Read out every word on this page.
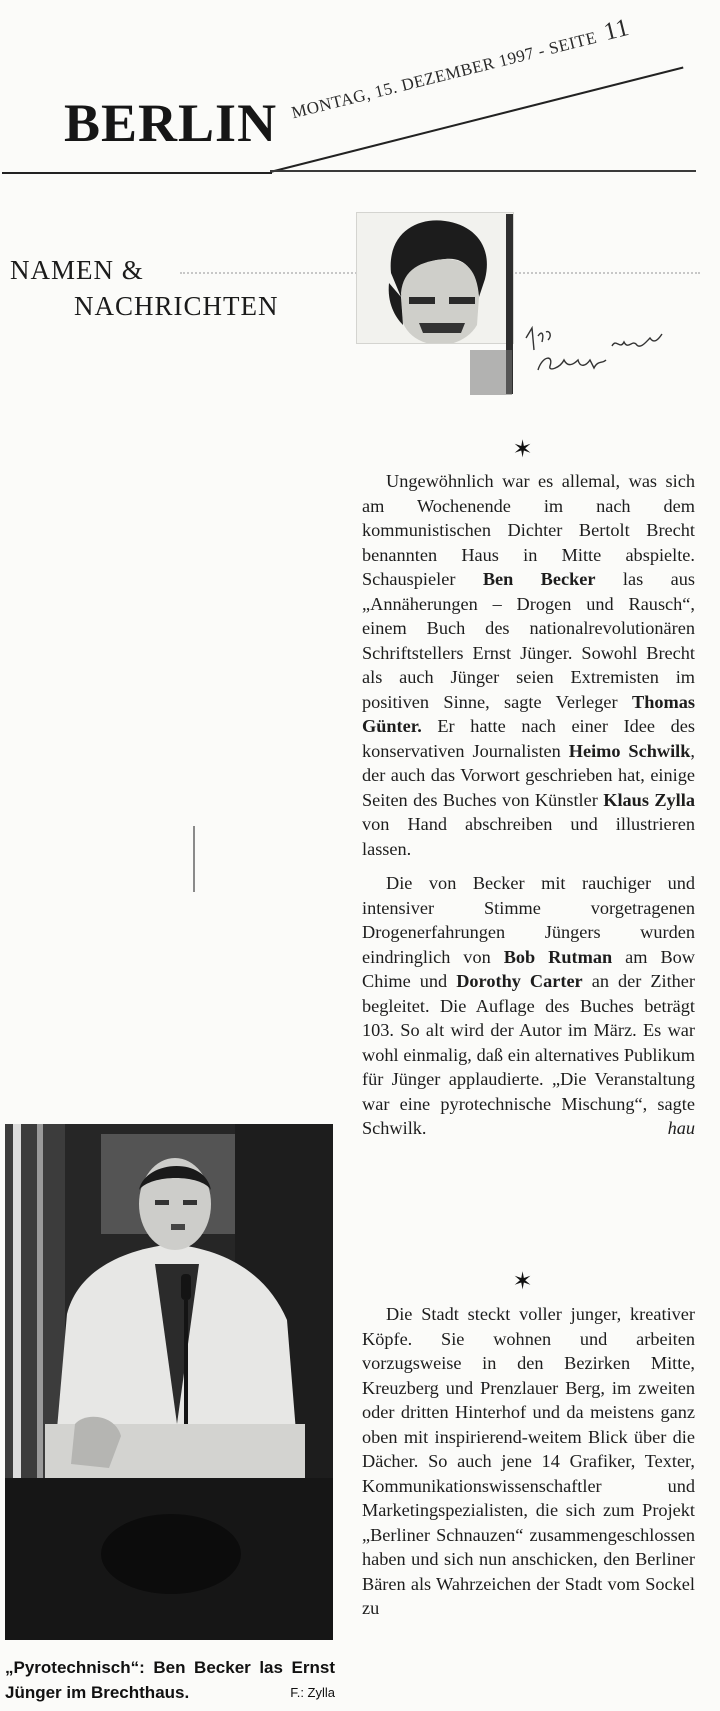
BERLIN
MONTAG, 15. DEZEMBER 1997 - SEITE 11
NAMEN &
NACHRICHTEN
✶
✶

Ungewöhnlich war es allemal, was sich am Wochenende im nach dem kommunistischen Dichter Bertolt Brecht benannten Haus in Mitte abspielte. Schauspieler Ben Becker las aus „Annäherungen – Drogen und Rausch“, einem Buch des nationalrevolutionären Schriftstellers Ernst Jünger. Sowohl Brecht als auch Jünger seien Extremisten im positiven Sinne, sagte Verleger Thomas Günter. Er hatte nach einer Idee des konservativen Journalisten Heimo Schwilk, der auch das Vorwort geschrieben hat, einige Seiten des Buches von Künstler Klaus Zylla von Hand abschreiben und illustrieren lassen.

Die von Becker mit rauchiger und intensiver Stimme vorgetragenen Drogenerfahrungen Jüngers wurden eindringlich von Bob Rutman am Bow Chime und Dorothy Carter an der Zither begleitet. Die Auflage des Buches beträgt 103. So alt wird der Autor im März. Es war wohl einmalig, daß ein alternatives Publikum für Jünger applaudierte. „Die Veranstaltung war eine pyrotechnische Mischung“, sagte Schwilk.	hau

Die Stadt steckt voller junger, kreativer Köpfe. Sie wohnen und arbeiten vorzugsweise in den Bezirken Mitte, Kreuzberg und Prenzlauer Berg, im zweiten oder dritten Hinterhof und da meistens ganz oben mit inspirierend-weitem Blick über die Dächer. So auch jene 14 Grafiker, Texter, Kommunikationswissenschaftler und Marketingspezialisten, die sich zum Projekt „Berliner Schnauzen“ zusammengeschlossen haben und sich nun anschicken, den Berliner Bären als Wahrzeichen der Stadt vom Sockel zu

„Pyrotechnisch“: Ben Becker las Ernst Jünger im Brechthaus.	F.: Zylla
